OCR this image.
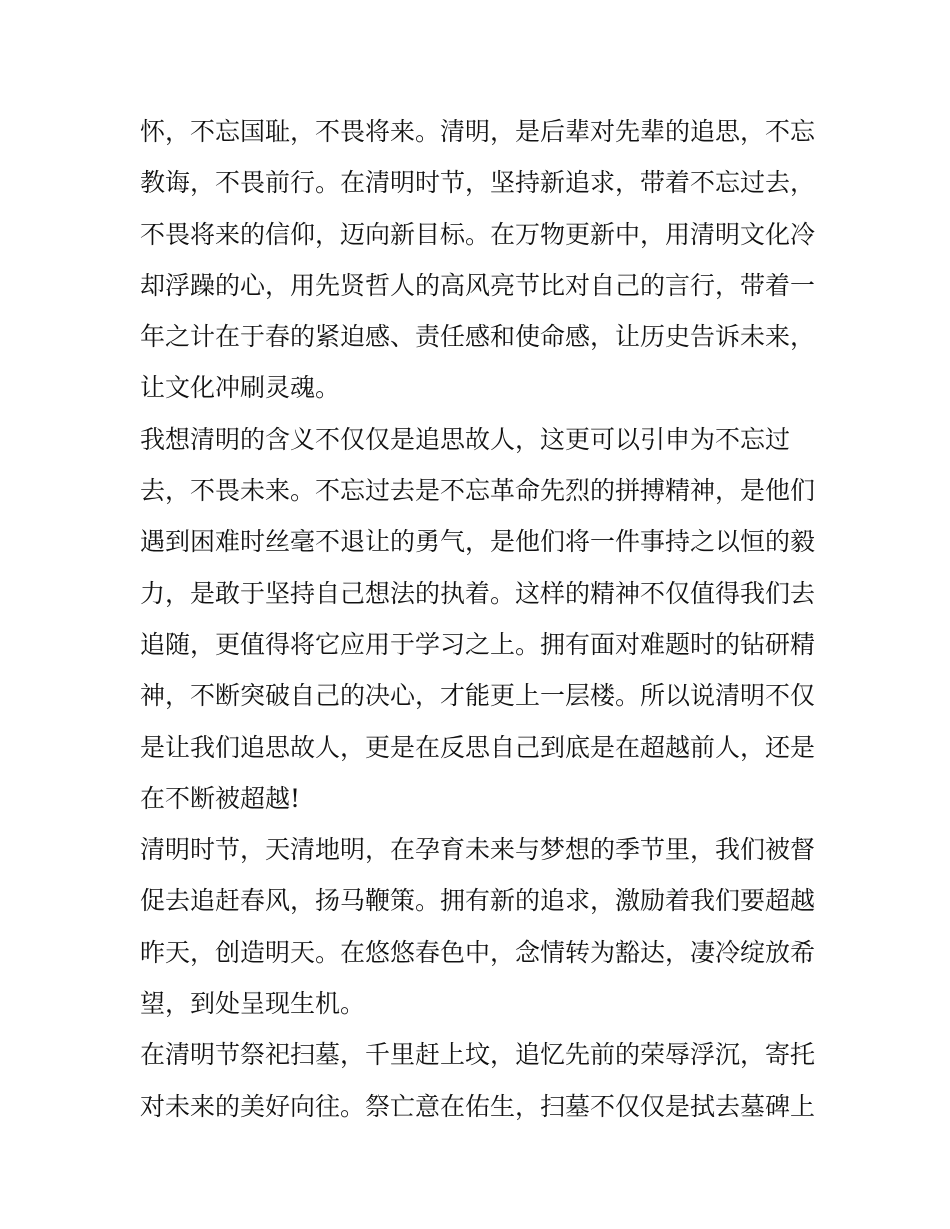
怀，不忘国耻，不畏将来。清明，是后辈对先辈的追思，不忘
教诲，不畏前行。在清明时节，坚持新追求，带着不忘过去，
不畏将来的信仰，迈向新目标。在万物更新中，用清明文化冷
却浮躁的心，用先贤哲人的高风亮节比对自己的言行，带着一
年之计在于春的紧迫感、责任感和使命感，让历史告诉未来，
让文化冲刷灵魂。
我想清明的含义不仅仅是追思故人，这更可以引申为不忘过
去，不畏未来。不忘过去是不忘革命先烈的拼搏精神，是他们
遇到困难时丝毫不退让的勇气，是他们将一件事持之以恒的毅
力，是敢于坚持自己想法的执着。这样的精神不仅值得我们去
追随，更值得将它应用于学习之上。拥有面对难题时的钻研精
神，不断突破自己的决心，才能更上一层楼。所以说清明不仅
是让我们追思故人，更是在反思自己到底是在超越前人，还是
在不断被超越!
清明时节，天清地明，在孕育未来与梦想的季节里，我们被督
促去追赶春风，扬马鞭策。拥有新的追求，激励着我们要超越
昨天，创造明天。在悠悠春色中，念情转为豁达，凄冷绽放希
望，到处呈现生机。
在清明节祭祀扫墓，千里赶上坟，追忆先前的荣辱浮沉，寄托
对未来的美好向往。祭亡意在佑生，扫墓不仅仅是拭去墓碑上
